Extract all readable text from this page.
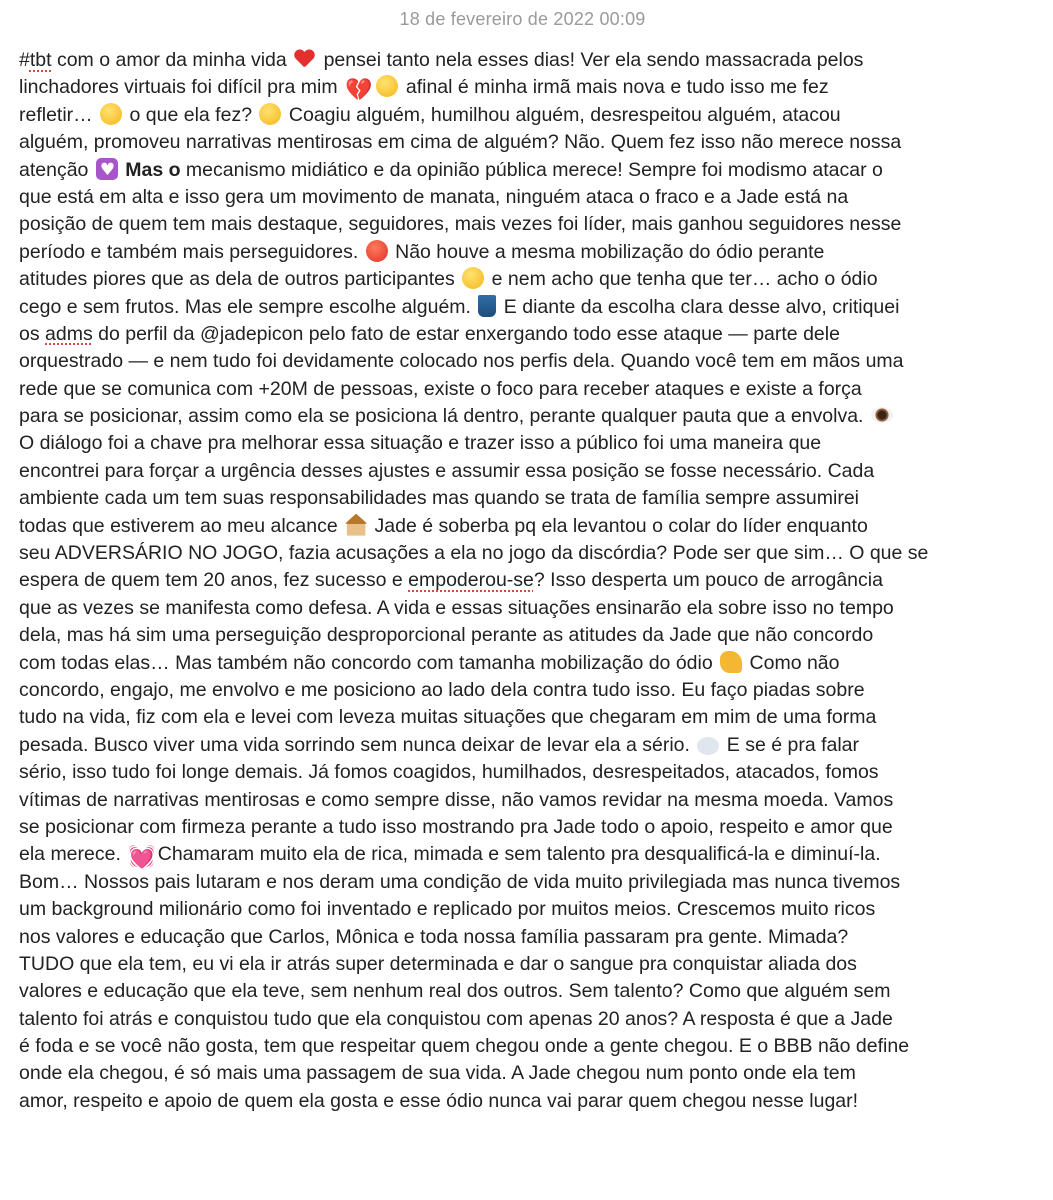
18 de fevereiro de 2022 00:09
#tbt com o amor da minha vida  pensei tanto nela esses dias! Ver ela sendo massacrada pelos
linchadores virtuais foi difícil pra mim 💔  afinal é minha irmã mais nova e tudo isso me fez
refletir…  o que ela fez?  Coagiu alguém, humilhou alguém, desrespeitou alguém, atacou
alguém, promoveu narrativas mentirosas em cima de alguém? Não. Quem fez isso não merece nossa
atenção ♥ Mas o mecanismo midiático e da opinião pública merece! Sempre foi modismo atacar o
que está em alta e isso gera um movimento de manata, ninguém ataca o fraco e a Jade está na
posição de quem tem mais destaque, seguidores, mais vezes foi líder, mais ganhou seguidores nesse
período e também mais perseguidores.  Não houve a mesma mobilização do ódio perante
atitudes piores que as dela de outros participantes  e nem acho que tenha que ter… acho o ódio
cego e sem frutos. Mas ele sempre escolhe alguém.  E diante da escolha clara desse alvo, critiquei
os adms do perfil da @jadepicon pelo fato de estar enxergando todo esse ataque — parte dele
orquestrado — e nem tudo foi devidamente colocado nos perfis dela. Quando você tem em mãos uma
rede que se comunica com +20M de pessoas, existe o foco para receber ataques e existe a força
para se posicionar, assim como ela se posiciona lá dentro, perante qualquer pauta que a envolva.
O diálogo foi a chave pra melhorar essa situação e trazer isso a público foi uma maneira que
encontrei para forçar a urgência desses ajustes e assumir essa posição se fosse necessário. Cada
ambiente cada um tem suas responsabilidades mas quando se trata de família sempre assumirei
todas que estiverem ao meu alcance  Jade é soberba pq ela levantou o colar do líder enquanto
seu ADVERSÁRIO NO JOGO, fazia acusações a ela no jogo da discórdia? Pode ser que sim… O que se
espera de quem tem 20 anos, fez sucesso e empoderou-se? Isso desperta um pouco de arrogância
que as vezes se manifesta como defesa. A vida e essas situações ensinarão ela sobre isso no tempo
dela, mas há sim uma perseguição desproporcional perante as atitudes da Jade que não concordo
com todas elas… Mas também não concordo com tamanha mobilização do ódio  Como não
concordo, engajo, me envolvo e me posiciono ao lado dela contra tudo isso. Eu faço piadas sobre
tudo na vida, fiz com ela e levei com leveza muitas situações que chegaram em mim de uma forma
pesada. Busco viver uma vida sorrindo sem nunca deixar de levar ela a sério.  E se é pra falar
sério, isso tudo foi longe demais. Já fomos coagidos, humilhados, desrespeitados, atacados, fomos
vítimas de narrativas mentirosas e como sempre disse, não vamos revidar na mesma moeda. Vamos
se posicionar com firmeza perante a tudo isso mostrando pra Jade todo o apoio, respeito e amor que
ela merece. 💓 Chamaram muito ela de rica, mimada e sem talento pra desqualificá-la e diminuí-la.
Bom… Nossos pais lutaram e nos deram uma condição de vida muito privilegiada mas nunca tivemos
um background milionário como foi inventado e replicado por muitos meios. Crescemos muito ricos
nos valores e educação que Carlos, Mônica e toda nossa família passaram pra gente. Mimada?
TUDO que ela tem, eu vi ela ir atrás super determinada e dar o sangue pra conquistar aliada dos
valores e educação que ela teve, sem nenhum real dos outros. Sem talento? Como que alguém sem
talento foi atrás e conquistou tudo que ela conquistou com apenas 20 anos? A resposta é que a Jade
é foda e se você não gosta, tem que respeitar quem chegou onde a gente chegou. E o BBB não define
onde ela chegou, é só mais uma passagem de sua vida. A Jade chegou num ponto onde ela tem
amor, respeito e apoio de quem ela gosta e esse ódio nunca vai parar quem chegou nesse lugar!
